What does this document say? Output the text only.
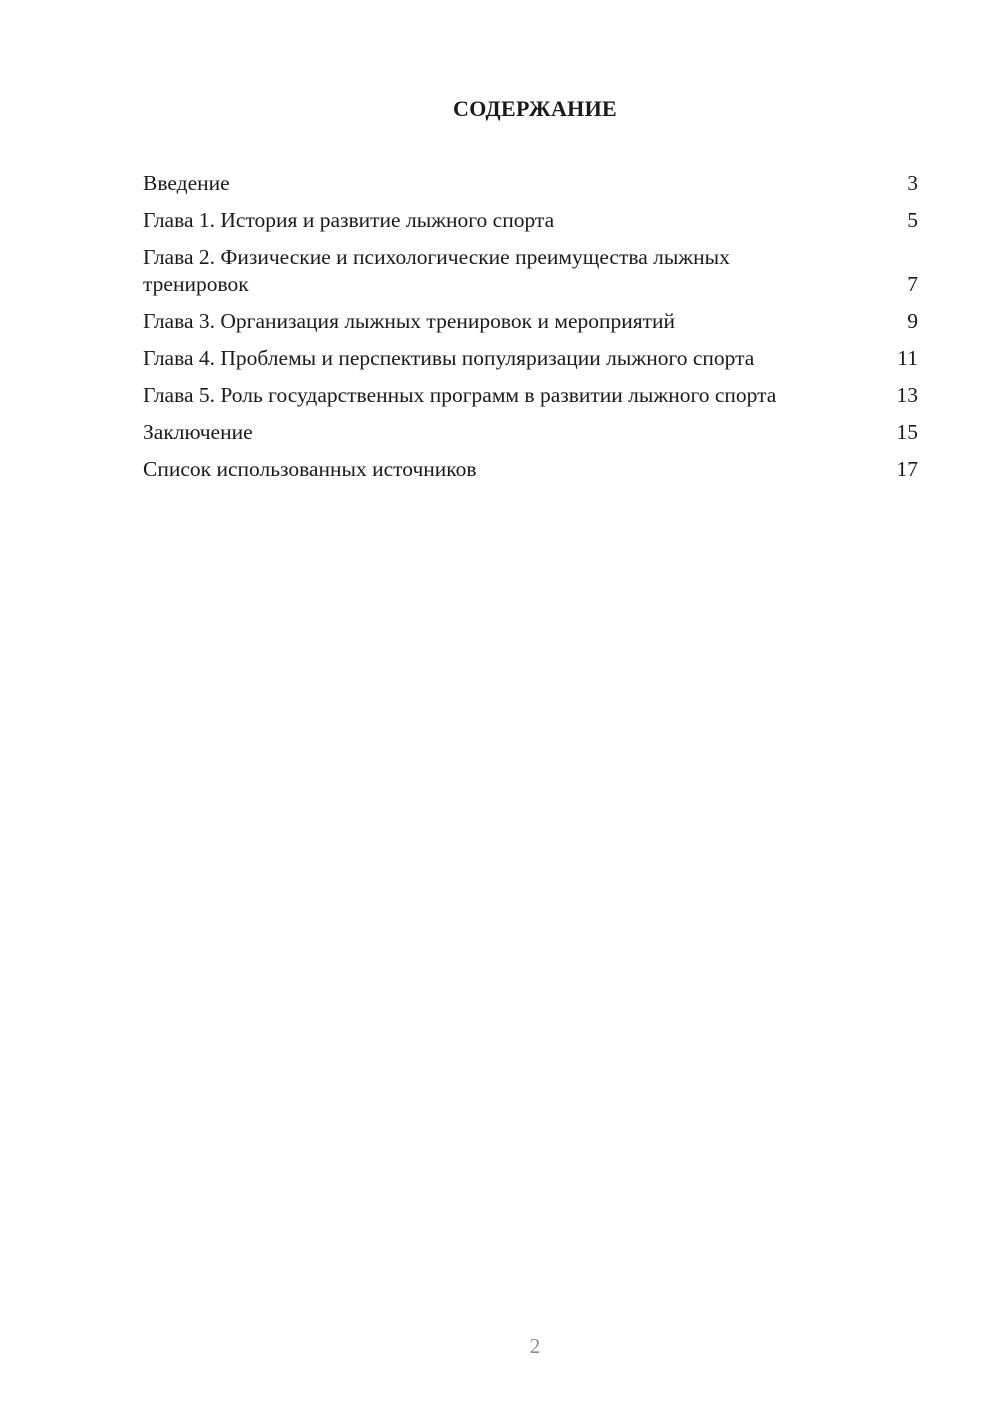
СОДЕРЖАНИЕ
Введение	3
Глава 1. История и развитие лыжного спорта	5
Глава 2. Физические и психологические преимущества лыжных тренировок	7
Глава 3. Организация лыжных тренировок и мероприятий	9
Глава 4. Проблемы и перспективы популяризации лыжного спорта	11
Глава 5. Роль государственных программ в развитии лыжного спорта	13
Заключение	15
Список использованных источников	17
2
